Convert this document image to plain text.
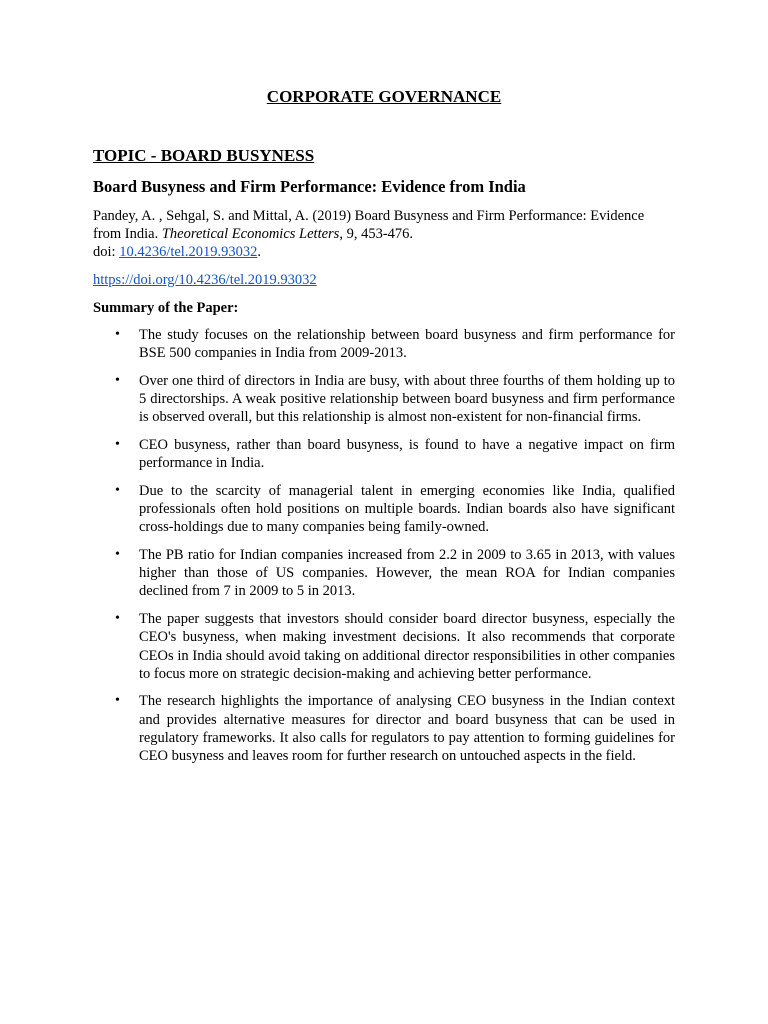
CORPORATE GOVERNANCE
TOPIC - BOARD BUSYNESS
Board Busyness and Firm Performance: Evidence from India

Pandey, A. , Sehgal, S. and Mittal, A. (2019) Board Busyness and Firm Performance: Evidence from India. Theoretical Economics Letters, 9, 453-476.
doi: 10.4236/tel.2019.93032.

https://doi.org/10.4236/tel.2019.93032

Summary of the Paper:

• The study focuses on the relationship between board busyness and firm performance for BSE 500 companies in India from 2009-2013.
• Over one third of directors in India are busy, with about three fourths of them holding up to 5 directorships. A weak positive relationship between board busyness and firm performance is observed overall, but this relationship is almost non-existent for non-financial firms.
• CEO busyness, rather than board busyness, is found to have a negative impact on firm performance in India.
• Due to the scarcity of managerial talent in emerging economies like India, qualified professionals often hold positions on multiple boards. Indian boards also have significant cross-holdings due to many companies being family-owned.
• The PB ratio for Indian companies increased from 2.2 in 2009 to 3.65 in 2013, with values higher than those of US companies. However, the mean ROA for Indian companies declined from 7 in 2009 to 5 in 2013.
• The paper suggests that investors should consider board director busyness, especially the CEO's busyness, when making investment decisions. It also recommends that corporate CEOs in India should avoid taking on additional director responsibilities in other companies to focus more on strategic decision-making and achieving better performance.
• The research highlights the importance of analysing CEO busyness in the Indian context and provides alternative measures for director and board busyness that can be used in regulatory frameworks. It also calls for regulators to pay attention to forming guidelines for CEO busyness and leaves room for further research on untouched aspects in the field.
